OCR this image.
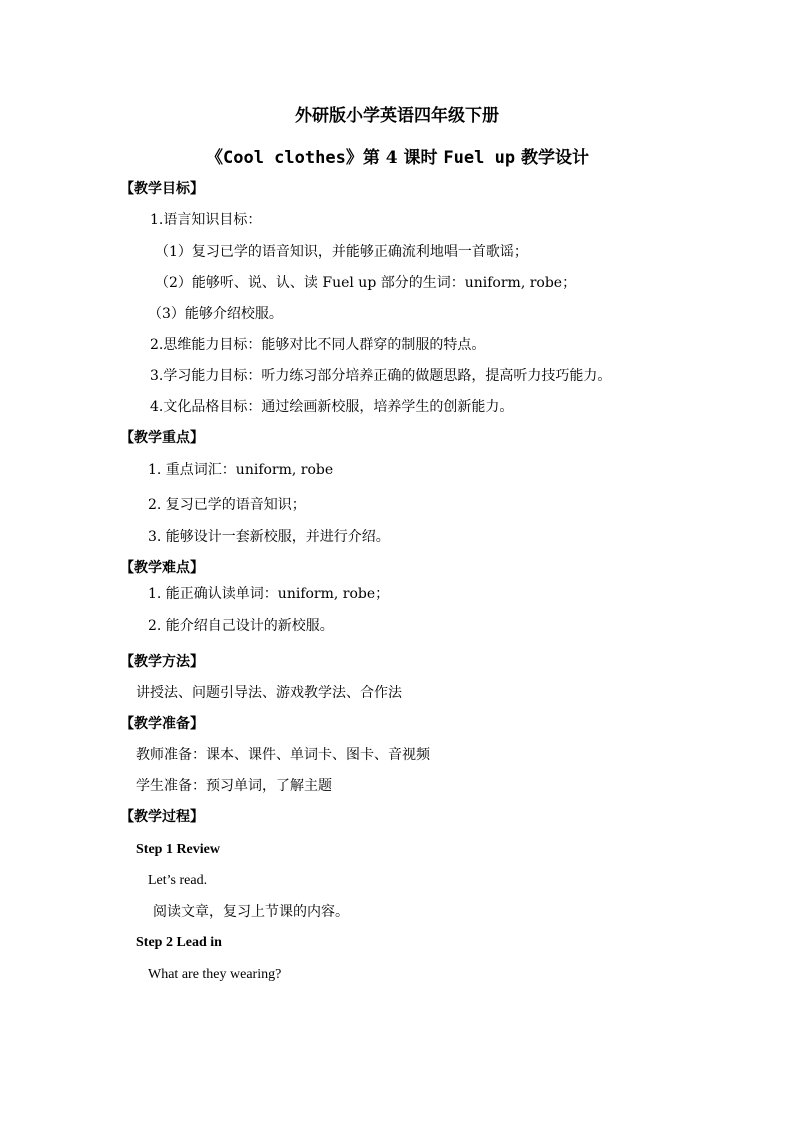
外研版小学英语四年级下册
《Cool clothes》第 4 课时 Fuel up 教学设计
【教学目标】
1.语言知识目标：
（1）复习已学的语音知识，并能够正确流利地唱一首歌谣；
（2）能够听、说、认、读 Fuel up 部分的生词：uniform, robe；
（3）能够介绍校服。
2.思维能力目标：能够对比不同人群穿的制服的特点。
3.学习能力目标：听力练习部分培养正确的做题思路，提高听力技巧能力。
4.文化品格目标：通过绘画新校服，培养学生的创新能力。
【教学重点】
1. 重点词汇：uniform, robe
2. 复习已学的语音知识；
3. 能够设计一套新校服，并进行介绍。
【教学难点】
1. 能正确认读单词：uniform, robe；
2. 能介绍自己设计的新校服。
【教学方法】
讲授法、问题引导法、游戏教学法、合作法
【教学准备】
教师准备：课本、课件、单词卡、图卡、音视频
学生准备：预习单词，了解主题
【教学过程】
Step 1 Review
Let’s read.
阅读文章，复习上节课的内容。
Step 2 Lead in
What are they wearing?
